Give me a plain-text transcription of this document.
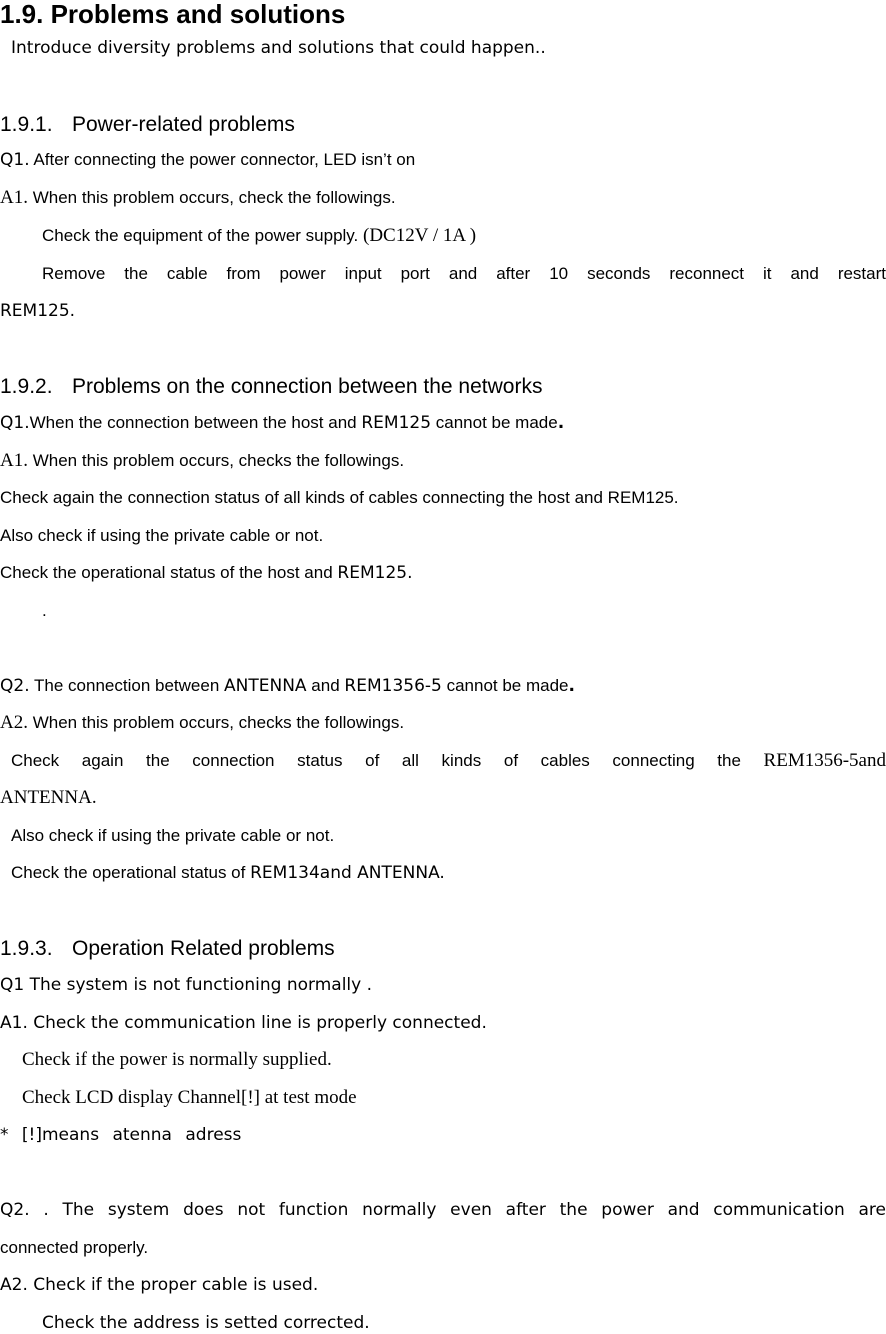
1.9. Problems and solutions
Introduce diversity problems and solutions that could happen..
1.9.1. Power-related problems
Q1. After connecting the power connector, LED isn’t on
A1. When this problem occurs, check the followings.
Check the equipment of the power supply. (DC12V / 1A )
Remove the cable from power input port and after 10 seconds reconnect it and restart
REM125.
1.9.2. Problems on the connection between the networks
Q1.When the connection between the host and REM125 cannot be made.
A1. When this problem occurs, checks the followings.
Check again the connection status of all kinds of cables connecting the host and REM125.
Also check if using the private cable or not.
Check the operational status of the host and REM125.
.
Q2. The connection between ANTENNA and REM1356-5 cannot be made.
A2. When this problem occurs, checks the followings.
Check again the connection status of all kinds of cables connecting the REM1356-5and
ANTENNA.
Also check if using the private cable or not.
Check the operational status of REM134and ANTENNA.
1.9.3. Operation Related problems
Q1 The system is not functioning normally .
A1. Check the communication line is properly connected.
Check if the power is normally supplied.
Check LCD display Channel[!] at test mode
* [!]means atenna adress
Q2. . The system does not function normally even after the power and communication are
connected properly.
A2. Check if the proper cable is used.
Check the address is setted corrected.
